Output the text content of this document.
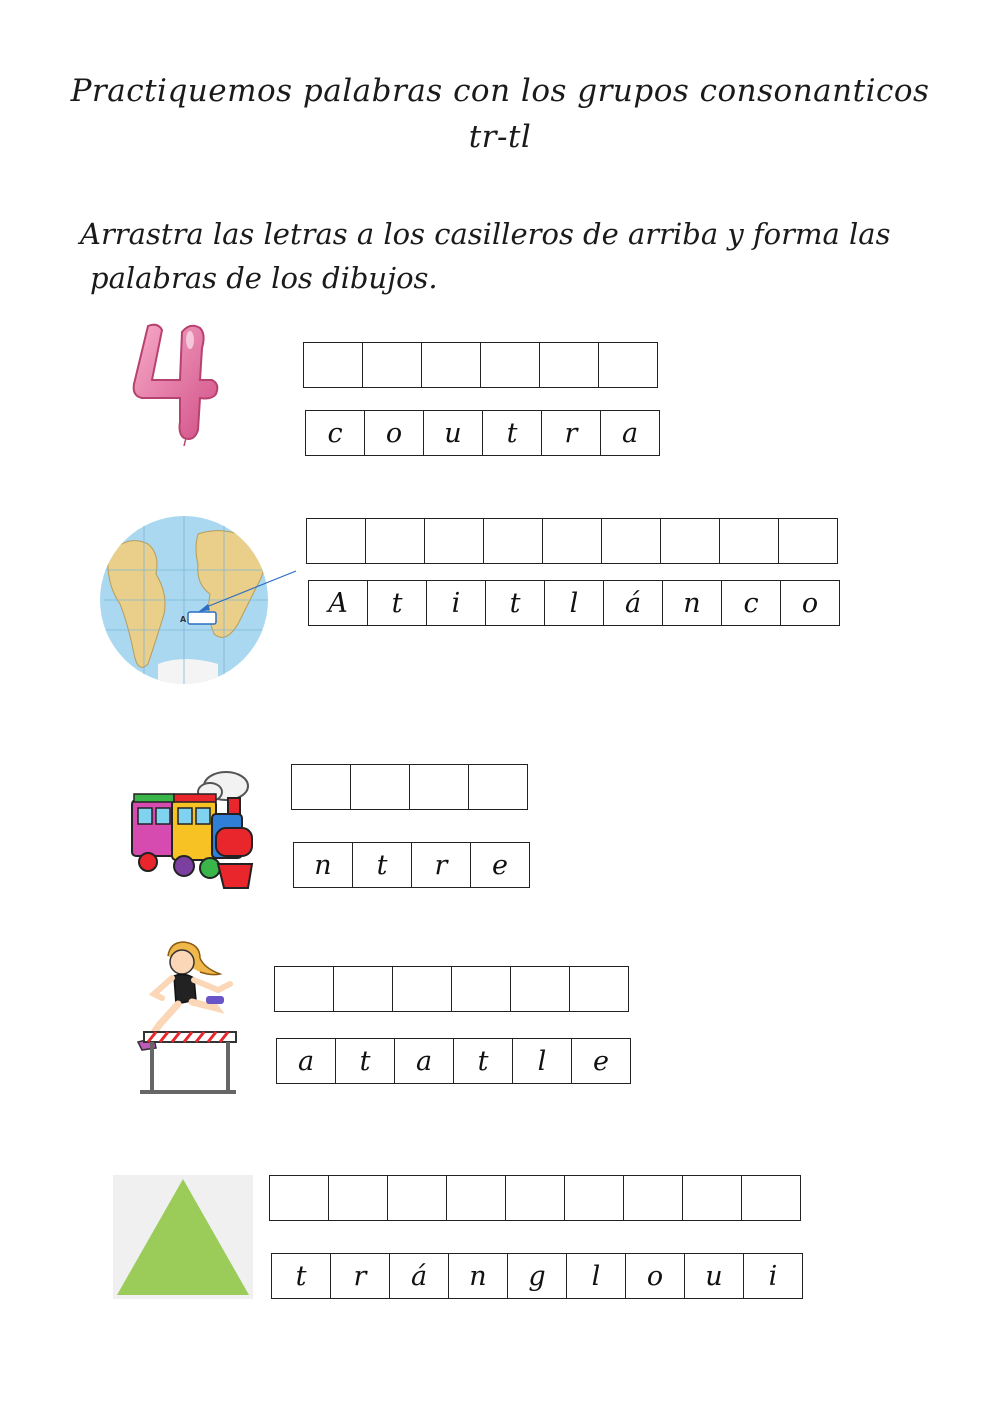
Practiquemos palabras con los grupos consonanticos
tr-tl
Arrastra las letras a los casilleros de arriba y forma las
palabras de los dibujos.
c	o	u	t	r	a
A
A	t	i	t	l	á	n	c	o
n	t	r	e
a	t	a	t	l	e
t	r	á	n	g	l	o	u	i
